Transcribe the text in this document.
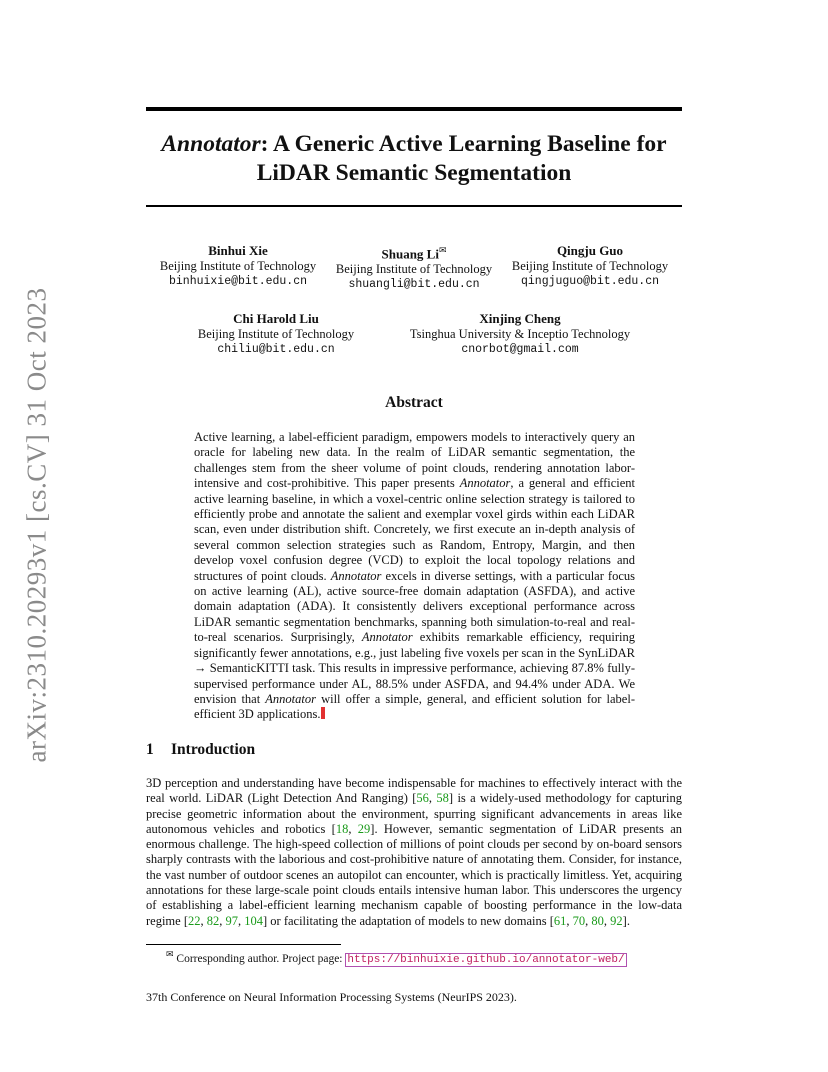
arXiv:2310.20293v1 [cs.CV] 31 Oct 2023
Annotator: A Generic Active Learning Baseline for
LiDAR Semantic Segmentation
Binhui Xie
Beijing Institute of Technology
binhuixie@bit.edu.cn
Shuang Li✉
Beijing Institute of Technology
shuangli@bit.edu.cn
Qingju Guo
Beijing Institute of Technology
qingjuguo@bit.edu.cn
Chi Harold Liu
Beijing Institute of Technology
chiliu@bit.edu.cn
Xinjing Cheng
Tsinghua University & Inceptio Technology
cnorbot@gmail.com
Abstract
Active learning, a label-efficient paradigm, empowers models to interactively query an oracle for labeling new data. In the realm of LiDAR semantic segmentation, the challenges stem from the sheer volume of point clouds, rendering annotation labor-intensive and cost-prohibitive. This paper presents Annotator, a general and efficient active learning baseline, in which a voxel-centric online selection strategy is tailored to efficiently probe and annotate the salient and exemplar voxel girds within each LiDAR scan, even under distribution shift. Concretely, we first execute an in-depth analysis of several common selection strategies such as Random, Entropy, Margin, and then develop voxel confusion degree (VCD) to exploit the local topology relations and structures of point clouds. Annotator excels in diverse settings, with a particular focus on active learning (AL), active source-free domain adaptation (ASFDA), and active domain adaptation (ADA). It consistently delivers exceptional performance across LiDAR semantic segmentation benchmarks, spanning both simulation-to-real and real-to-real scenarios. Surprisingly, Annotator exhibits remarkable efficiency, requiring significantly fewer annotations, e.g., just labeling five voxels per scan in the SynLiDAR → SemanticKITTI task. This results in impressive performance, achieving 87.8% fully-supervised performance under AL, 88.5% under ASFDA, and 94.4% under ADA. We envision that Annotator will offer a simple, general, and efficient solution for label-efficient 3D applications.
1 Introduction
3D perception and understanding have become indispensable for machines to effectively interact with the real world. LiDAR (Light Detection And Ranging) [56, 58] is a widely-used methodology for capturing precise geometric information about the environment, spurring significant advancements in areas like autonomous vehicles and robotics [18, 29]. However, semantic segmentation of LiDAR presents an enormous challenge. The high-speed collection of millions of point clouds per second by on-board sensors sharply contrasts with the laborious and cost-prohibitive nature of annotating them. Consider, for instance, the vast number of outdoor scenes an autopilot can encounter, which is practically limitless. Yet, acquiring annotations for these large-scale point clouds entails intensive human labor. This underscores the urgency of establishing a label-efficient learning mechanism capable of boosting performance in the low-data regime [22, 82, 97, 104] or facilitating the adaptation of models to new domains [61, 70, 80, 92].
✉ Corresponding author. Project page: https://binhuixie.github.io/annotator-web/
37th Conference on Neural Information Processing Systems (NeurIPS 2023).
